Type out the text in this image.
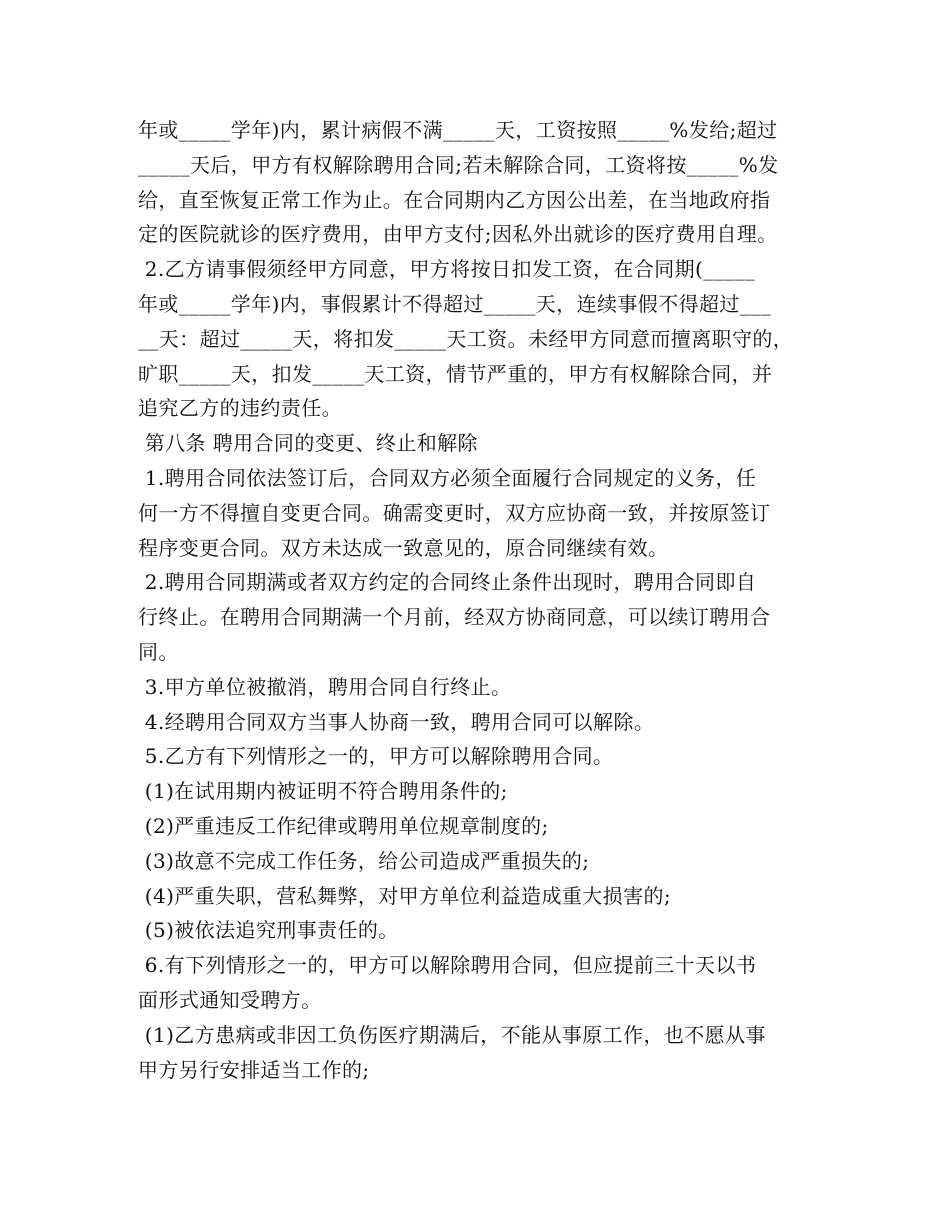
年或_____学年)内，累计病假不满_____天，工资按照_____%发给;超过
_____天后，甲方有权解除聘用合同;若未解除合同，工资将按_____%发
给，直至恢复正常工作为止。在合同期内乙方因公出差，在当地政府指
定的医院就诊的医疗费用，由甲方支付;因私外出就诊的医疗费用自理。
2.乙方请事假须经甲方同意，甲方将按日扣发工资，在合同期(_____
年或_____学年)内，事假累计不得超过_____天，连续事假不得超过___
__天：超过_____天，将扣发_____天工资。未经甲方同意而擅离职守的，
旷职_____天，扣发_____天工资，情节严重的，甲方有权解除合同，并
追究乙方的违约责任。
第八条 聘用合同的变更、终止和解除
1.聘用合同依法签订后，合同双方必须全面履行合同规定的义务，任
何一方不得擅自变更合同。确需变更时，双方应协商一致，并按原签订
程序变更合同。双方未达成一致意见的，原合同继续有效。
2.聘用合同期满或者双方约定的合同终止条件出现时，聘用合同即自
行终止。在聘用合同期满一个月前，经双方协商同意，可以续订聘用合
同。
3.甲方单位被撤消，聘用合同自行终止。
4.经聘用合同双方当事人协商一致，聘用合同可以解除。
5.乙方有下列情形之一的，甲方可以解除聘用合同。
(1)在试用期内被证明不符合聘用条件的;
(2)严重违反工作纪律或聘用单位规章制度的;
(3)故意不完成工作任务，给公司造成严重损失的;
(4)严重失职，营私舞弊，对甲方单位利益造成重大损害的;
(5)被依法追究刑事责任的。
6.有下列情形之一的，甲方可以解除聘用合同，但应提前三十天以书
面形式通知受聘方。
(1)乙方患病或非因工负伤医疗期满后，不能从事原工作，也不愿从事
甲方另行安排适当工作的;
